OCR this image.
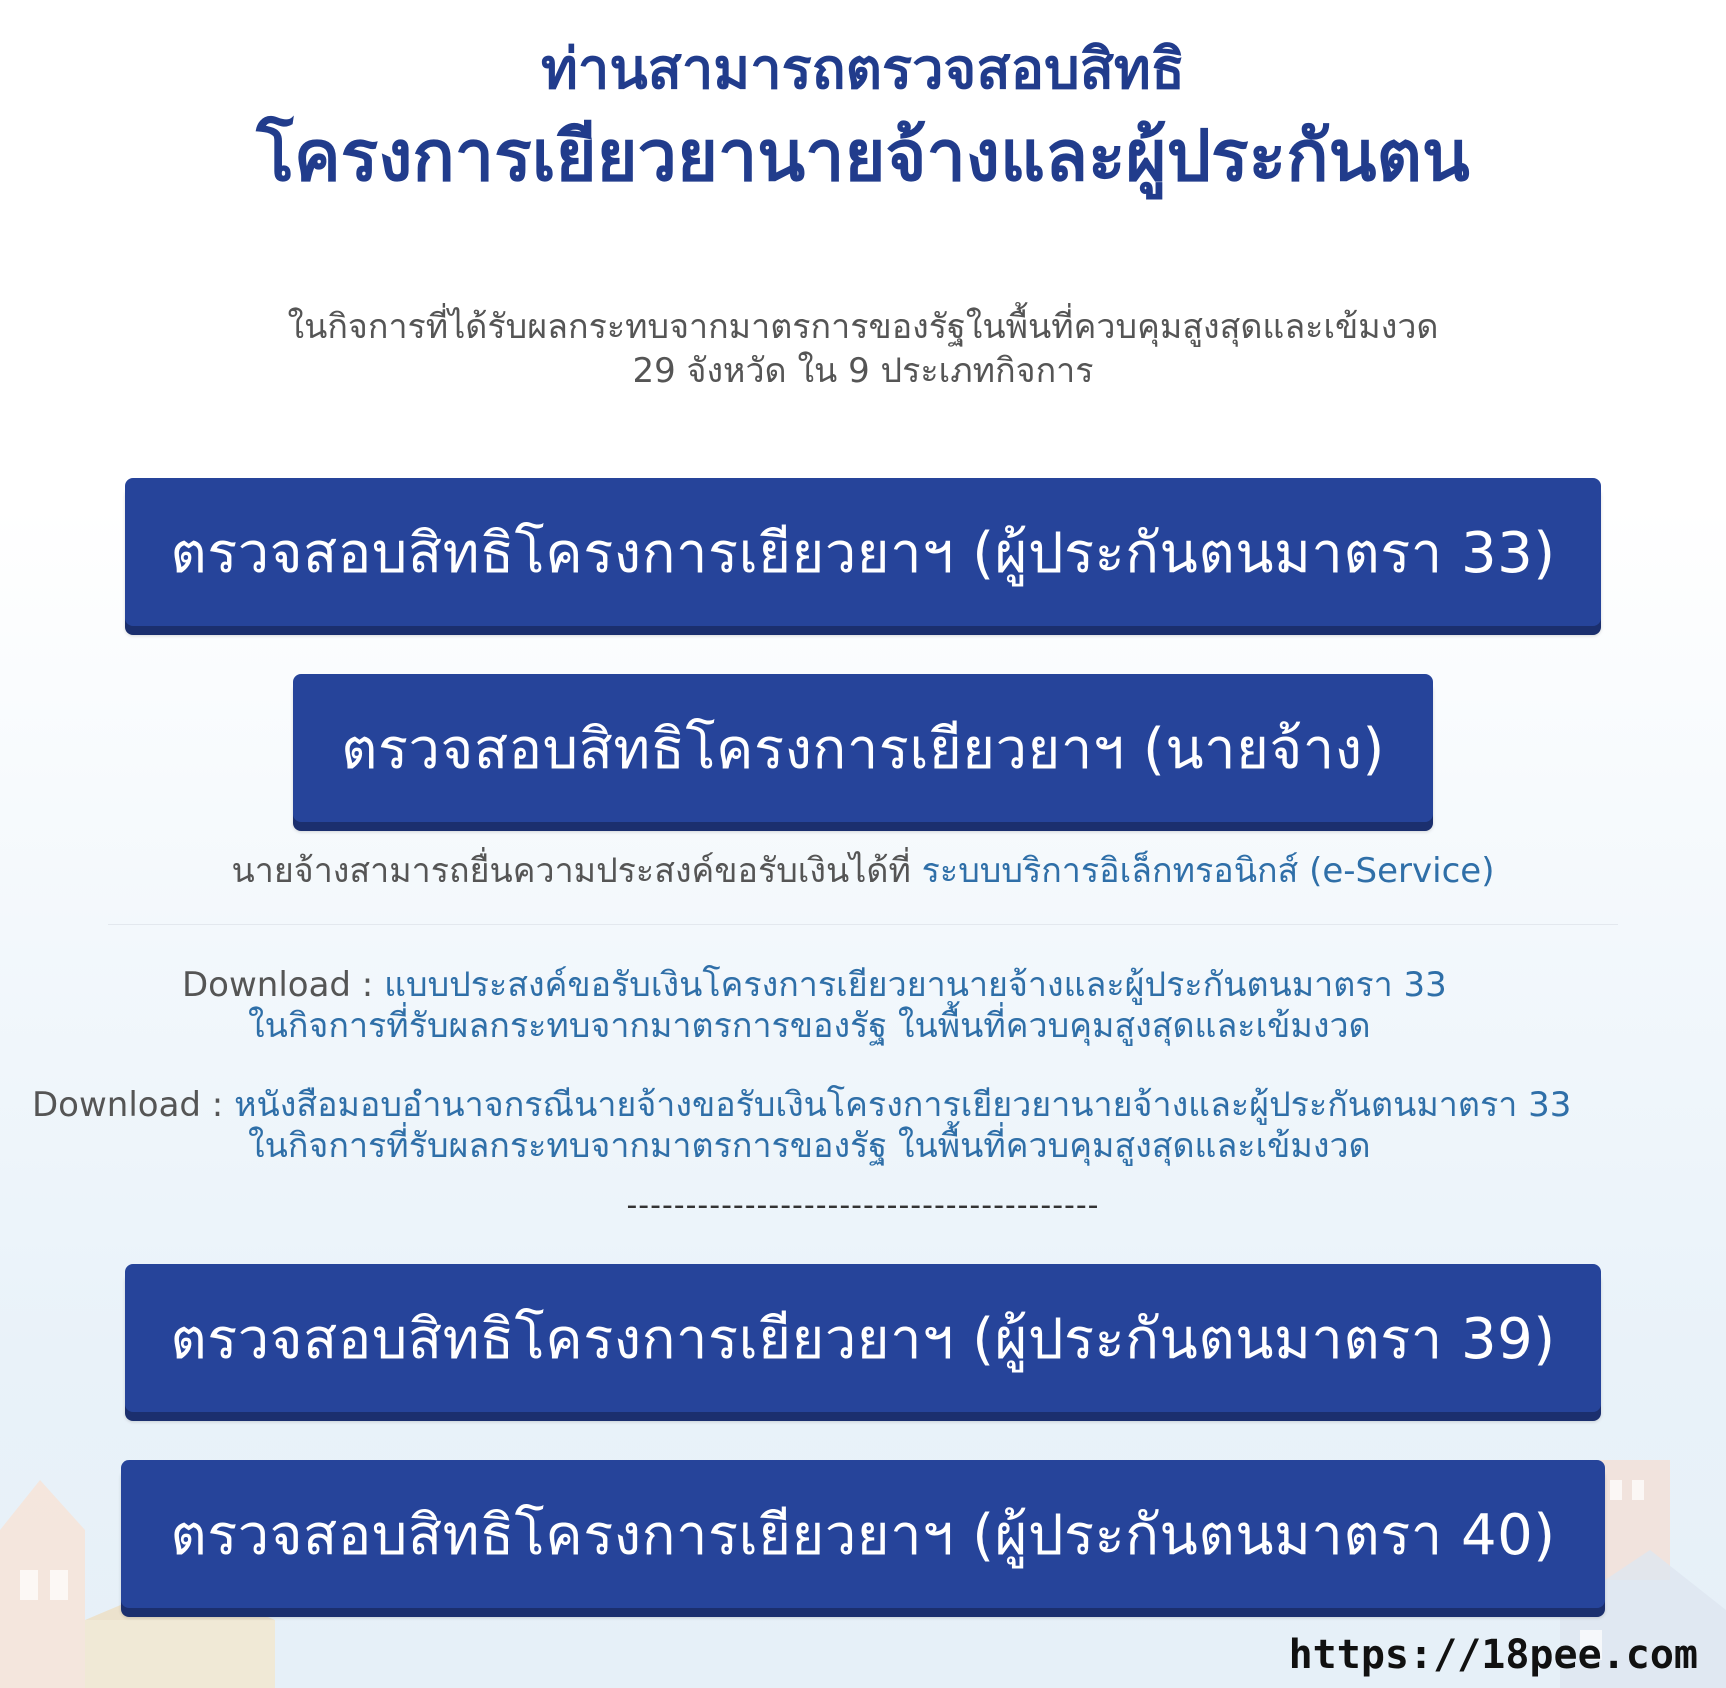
ท่านสามารถตรวจสอบสิทธิ
โครงการเยียวยานายจ้างและผู้ประกันตน
ในกิจการที่ได้รับผลกระทบจากมาตรการของรัฐในพื้นที่ควบคุมสูงสุดและเข้มงวด
29 จังหวัด ใน 9 ประเภทกิจการ
ตรวจสอบสิทธิโครงการเยียวยาฯ (ผู้ประกันตนมาตรา 33)
ตรวจสอบสิทธิโครงการเยียวยาฯ (นายจ้าง)
นายจ้างสามารถยื่นความประสงค์ขอรับเงินได้ที่ ระบบบริการอิเล็กทรอนิกส์ (e-Service)
Download : แบบประสงค์ขอรับเงินโครงการเยียวยานายจ้างและผู้ประกันตนมาตรา 33
ในกิจการที่รับผลกระทบจากมาตรการของรัฐ ในพื้นที่ควบคุมสูงสุดและเข้มงวด
Download : หนังสือมอบอำนาจกรณีนายจ้างขอรับเงินโครงการเยียวยานายจ้างและผู้ประกันตนมาตรา 33
ในกิจการที่รับผลกระทบจากมาตรการของรัฐ ในพื้นที่ควบคุมสูงสุดและเข้มงวด
----------------------------------------
ตรวจสอบสิทธิโครงการเยียวยาฯ (ผู้ประกันตนมาตรา 39)
ตรวจสอบสิทธิโครงการเยียวยาฯ (ผู้ประกันตนมาตรา 40)
https://18pee.com
